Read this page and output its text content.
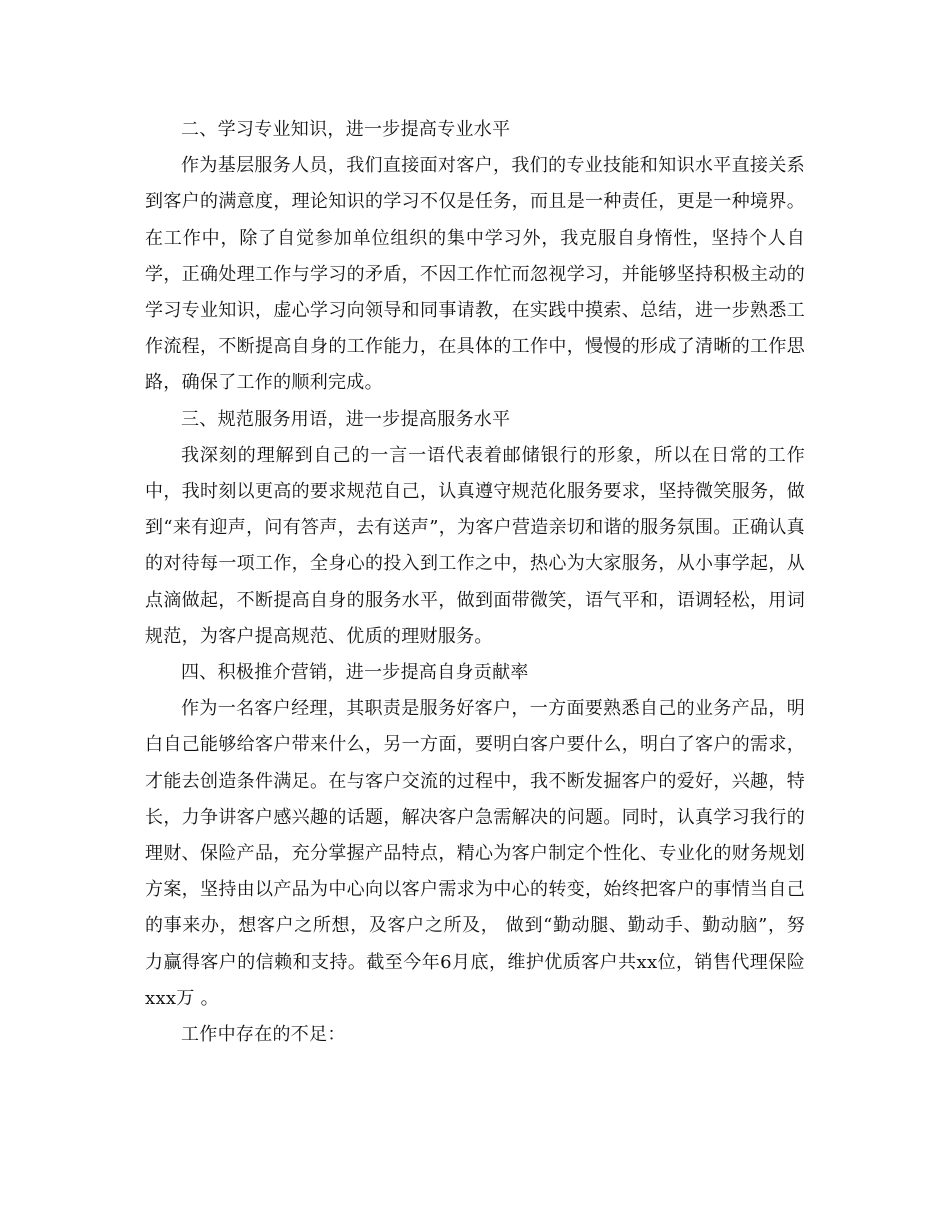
二、学习专业知识，进一步提高专业水平

作为基层服务人员，我们直接面对客户，我们的专业技能和知识水平直接关系到客户的满意度，理论知识的学习不仅是任务，而且是一种责任，更是一种境界。在工作中，除了自觉参加单位组织的集中学习外，我克服自身惰性，坚持个人自学，正确处理工作与学习的矛盾，不因工作忙而忽视学习，并能够坚持积极主动的学习专业知识，虚心学习向领导和同事请教，在实践中摸索、总结，进一步熟悉工作流程，不断提高自身的工作能力，在具体的工作中，慢慢的形成了清晰的工作思路，确保了工作的顺利完成。

三、规范服务用语，进一步提高服务水平

我深刻的理解到自己的一言一语代表着邮储银行的形象，所以在日常的工作中，我时刻以更高的要求规范自己，认真遵守规范化服务要求，坚持微笑服务，做到“来有迎声，问有答声，去有送声”，为客户营造亲切和谐的服务氛围。正确认真的对待每一项工作，全身心的投入到工作之中，热心为大家服务，从小事学起，从点滴做起，不断提高自身的服务水平，做到面带微笑，语气平和，语调轻松，用词规范，为客户提高规范、优质的理财服务。

四、积极推介营销，进一步提高自身贡献率

作为一名客户经理，其职责是服务好客户，一方面要熟悉自己的业务产品，明白自己能够给客户带来什么，另一方面，要明白客户要什么，明白了客户的需求，才能去创造条件满足。在与客户交流的过程中，我不断发掘客户的爱好，兴趣，特长，力争讲客户感兴趣的话题，解决客户急需解决的问题。同时，认真学习我行的理财、保险产品，充分掌握产品特点，精心为客户制定个性化、专业化的财务规划方案，坚持由以产品为中心向以客户需求为中心的转变，始终把客户的事情当自己的事来办，想客户之所想，及客户之所及， 做到“勤动腿、勤动手、勤动脑”，努力赢得客户的信赖和支持。截至今年6月底，维护优质客户共xx位，销售代理保险xxx万 。

工作中存在的不足：
